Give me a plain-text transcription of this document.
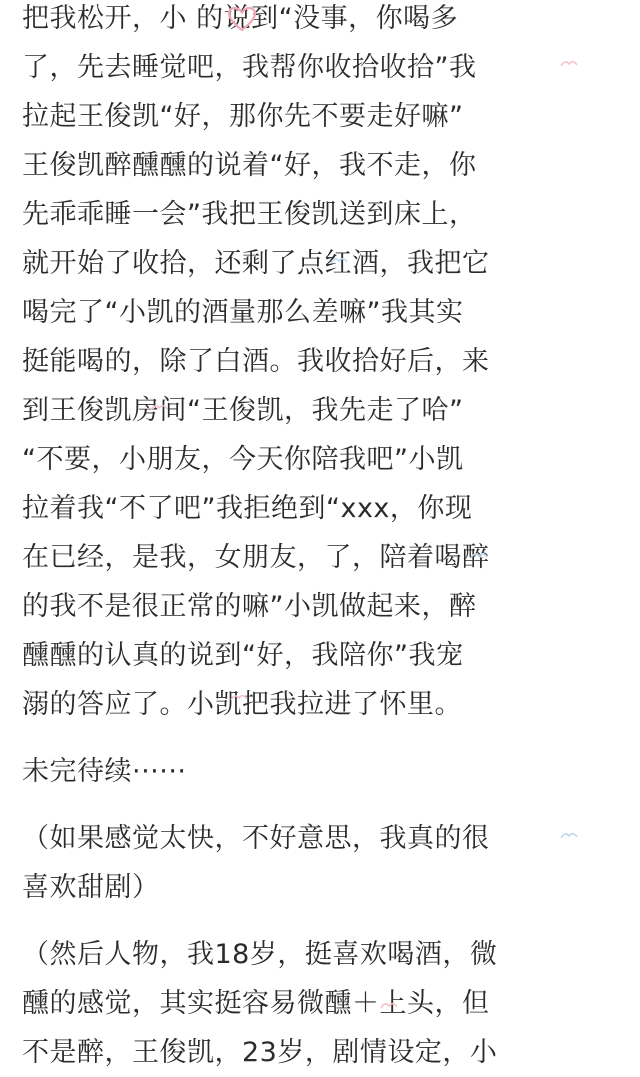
把我松开，小 的说到“没事，你喝多
了，先去睡觉吧，我帮你收拾收拾”我
拉起王俊凯“好，那你先不要走好嘛”
王俊凯醉醺醺的说着“好，我不走，你
先乖乖睡一会”我把王俊凯送到床上，
就开始了收拾，还剩了点红酒，我把它
喝完了“小凯的酒量那么差嘛”我其实
挺能喝的，除了白酒。我收拾好后，来
到王俊凯房间“王俊凯，我先走了哈”
“不要，小朋友，今天你陪我吧”小凯
拉着我“不了吧”我拒绝到“xxx，你现
在已经，是我，女朋友，了，陪着喝醉
的我不是很正常的嘛”小凯做起来，醉
醺醺的认真的说到“好，我陪你”我宠
溺的答应了。小凯把我拉进了怀里。
未完待续······
（如果感觉太快，不好意思，我真的很
喜欢甜剧）
（然后人物，我18岁，挺喜欢喝酒，微
醺的感觉，其实挺容易微醺＋上头，但
不是醉，王俊凯，23岁，剧情设定，小
